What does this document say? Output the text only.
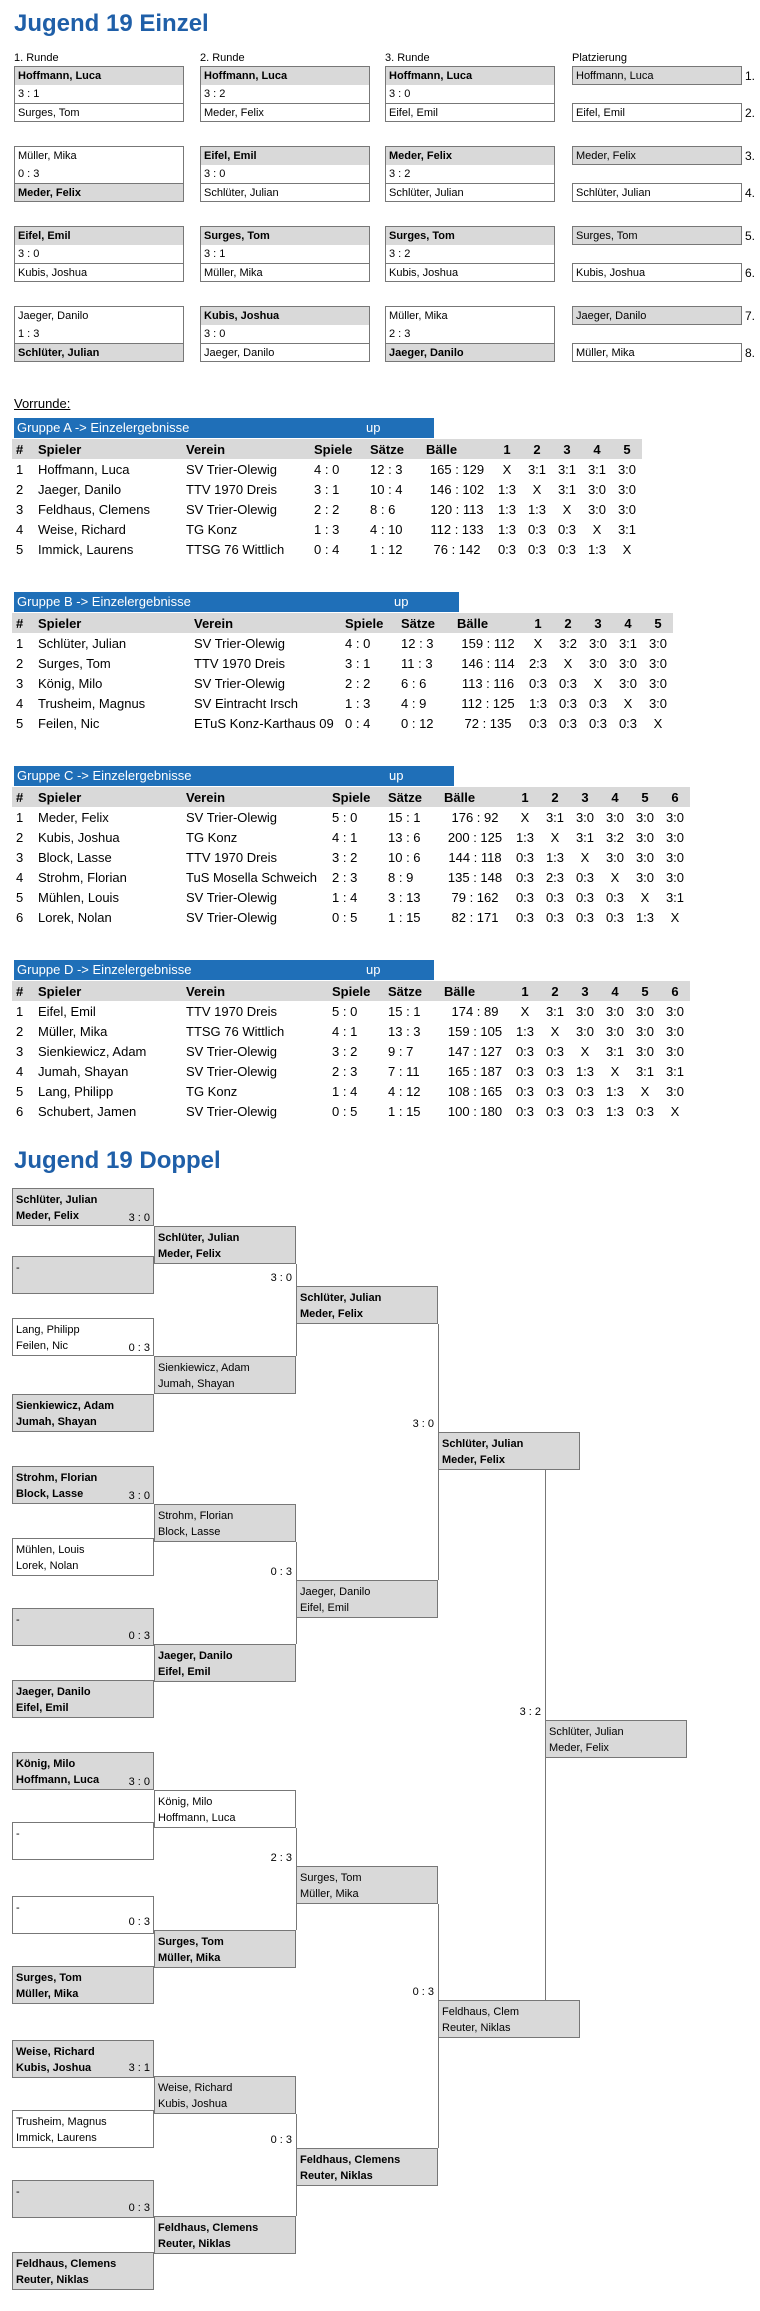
Jugend 19 Einzel
1. Runde	2. Runde	3. Runde	Platzierung
Hoffmann, Luca
3 : 1
Surges, Tom
Hoffmann, Luca
3 : 2
Meder, Felix
Hoffmann, Luca
3 : 0
Eifel, Emil
Hoffmann, Luca
Eifel, Emil
1.
2.
Müller, Mika
0 : 3
Meder, Felix
Eifel, Emil
3 : 0
Schlüter, Julian
Meder, Felix
3 : 2
Schlüter, Julian
Meder, Felix
Schlüter, Julian
3.
4.
Eifel, Emil
3 : 0
Kubis, Joshua
Surges, Tom
3 : 1
Müller, Mika
Surges, Tom
3 : 2
Kubis, Joshua
Surges, Tom
Kubis, Joshua
5.
6.
Jaeger, Danilo
1 : 3
Schlüter, Julian
Kubis, Joshua
3 : 0
Jaeger, Danilo
Müller, Mika
2 : 3
Jaeger, Danilo
Jaeger, Danilo
Müller, Mika
7.
8.
Vorrunde:
Gruppe A -> Einzelergebnisse	up
#	Spieler	Verein	Spiele	Sätze	Bälle	1	2	3	4	5
1	Hoffmann, Luca	SV Trier-Olewig	4 : 0	12 : 3	165 : 129	X	3:1	3:1	3:1	3:0
2	Jaeger, Danilo	TTV 1970 Dreis	3 : 1	10 : 4	146 : 102	1:3	X	3:1	3:0	3:0
3	Feldhaus, Clemens	SV Trier-Olewig	2 : 2	8 : 6	120 : 113	1:3	1:3	X	3:0	3:0
4	Weise, Richard	TG Konz	1 : 3	4 : 10	112 : 133	1:3	0:3	0:3	X	3:1
5	Immick, Laurens	TTSG 76 Wittlich	0 : 4	1 : 12	76 : 142	0:3	0:3	0:3	1:3	X
Gruppe B -> Einzelergebnisse	up
#	Spieler	Verein	Spiele	Sätze	Bälle	1	2	3	4	5
1	Schlüter, Julian	SV Trier-Olewig	4 : 0	12 : 3	159 : 112	X	3:2	3:0	3:1	3:0
2	Surges, Tom	TTV 1970 Dreis	3 : 1	11 : 3	146 : 114	2:3	X	3:0	3:0	3:0
3	König, Milo	SV Trier-Olewig	2 : 2	6 : 6	113 : 116	0:3	0:3	X	3:0	3:0
4	Trusheim, Magnus	SV Eintracht Irsch	1 : 3	4 : 9	112 : 125	1:3	0:3	0:3	X	3:0
5	Feilen, Nic	ETuS Konz-Karthaus 09	0 : 4	0 : 12	72 : 135	0:3	0:3	0:3	0:3	X
Gruppe C -> Einzelergebnisse	up
#	Spieler	Verein	Spiele	Sätze	Bälle	1	2	3	4	5	6
1	Meder, Felix	SV Trier-Olewig	5 : 0	15 : 1	176 : 92	X	3:1	3:0	3:0	3:0	3:0
2	Kubis, Joshua	TG Konz	4 : 1	13 : 6	200 : 125	1:3	X	3:1	3:2	3:0	3:0
3	Block, Lasse	TTV 1970 Dreis	3 : 2	10 : 6	144 : 118	0:3	1:3	X	3:0	3:0	3:0
4	Strohm, Florian	TuS Mosella Schweich	2 : 3	8 : 9	135 : 148	0:3	2:3	0:3	X	3:0	3:0
5	Mühlen, Louis	SV Trier-Olewig	1 : 4	3 : 13	79 : 162	0:3	0:3	0:3	0:3	X	3:1
6	Lorek, Nolan	SV Trier-Olewig	0 : 5	1 : 15	82 : 171	0:3	0:3	0:3	0:3	1:3	X
Gruppe D -> Einzelergebnisse	up
#	Spieler	Verein	Spiele	Sätze	Bälle	1	2	3	4	5	6
1	Eifel, Emil	TTV 1970 Dreis	5 : 0	15 : 1	174 : 89	X	3:1	3:0	3:0	3:0	3:0
2	Müller, Mika	TTSG 76 Wittlich	4 : 1	13 : 3	159 : 105	1:3	X	3:0	3:0	3:0	3:0
3	Sienkiewicz, Adam	SV Trier-Olewig	3 : 2	9 : 7	147 : 127	0:3	0:3	X	3:1	3:0	3:0
4	Jumah, Shayan	SV Trier-Olewig	2 : 3	7 : 11	165 : 187	0:3	0:3	1:3	X	3:1	3:1
5	Lang, Philipp	TG Konz	1 : 4	4 : 12	108 : 165	0:3	0:3	0:3	1:3	X	3:0
6	Schubert, Jamen	SV Trier-Olewig	0 : 5	1 : 15	100 : 180	0:3	0:3	0:3	1:3	0:3	X
Jugend 19 Doppel
Schlüter, Julian
Meder, Felix
-
Lang, Philipp
Feilen, Nic
Sienkiewicz, Adam
Jumah, Shayan
Strohm, Florian
Block, Lasse
Mühlen, Louis
Lorek, Nolan
-
Jaeger, Danilo
Eifel, Emil
König, Milo
Hoffmann, Luca
-
-
Surges, Tom
Müller, Mika
Weise, Richard
Kubis, Joshua
Trusheim, Magnus
Immick, Laurens
-
Feldhaus, Clemens
Reuter, Niklas
Schlüter, Julian
Meder, Felix
3 : 0
Sienkiewicz, Adam
Jumah, Shayan
0 : 3
Strohm, Florian
Block, Lasse
3 : 0
Jaeger, Danilo
Eifel, Emil
0 : 3
König, Milo
Hoffmann, Luca
3 : 0
Surges, Tom
Müller, Mika
0 : 3
Weise, Richard
Kubis, Joshua
3 : 1
Feldhaus, Clemens
Reuter, Niklas
0 : 3
Schlüter, Julian
Meder, Felix
3 : 0
Jaeger, Danilo
Eifel, Emil
0 : 3
Surges, Tom
Müller, Mika
2 : 3
Feldhaus, Clemens
Reuter, Niklas
0 : 3
Schlüter, Julian
Meder, Felix
3 : 0
Feldhaus, Clem
Reuter, Niklas
0 : 3
Schlüter, Julian
Meder, Felix
3 : 2
